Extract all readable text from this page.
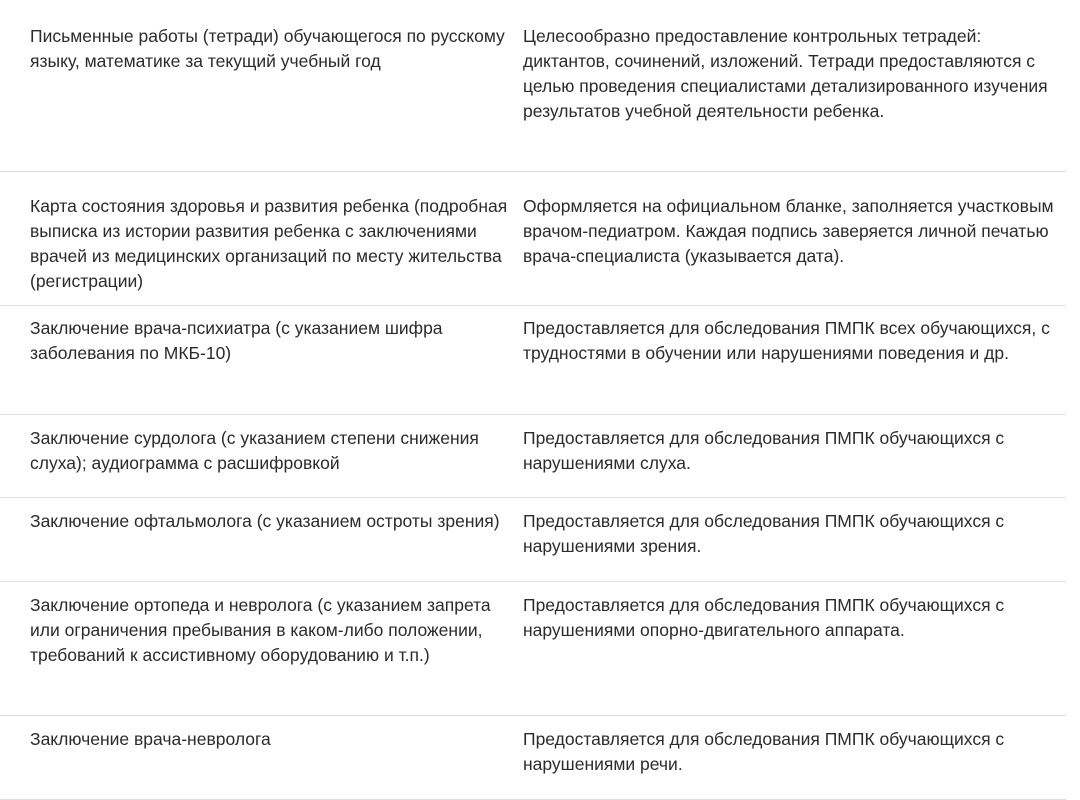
Письменные работы (тетради) обучающегося по русскому языку, математике за текущий учебный год
Целесообразно предоставление контрольных тетрадей: диктантов, сочинений, изложений. Тетради предоставляются с целью проведения специалистами детализированного изучения результатов учебной деятельности ребенка.
Карта состояния здоровья и развития ребенка (подробная выписка из истории развития ребенка с заключениями врачей из медицинских организаций по месту жительства (регистрации)
Оформляется на официальном бланке, заполняется участковым врачом-педиатром. Каждая подпись заверяется личной печатью врача-специалиста (указывается дата).
Заключение врача-психиатра (с указанием шифра заболевания по МКБ-10)
Предоставляется для обследования ПМПК всех обучающихся, с трудностями в обучении или нарушениями поведения и др.
Заключение сурдолога (с указанием степени снижения слуха); аудиограмма с расшифровкой
Предоставляется для обследования ПМПК обучающихся с нарушениями слуха.
Заключение офтальмолога (с указанием остроты зрения)	Предоставляется для обследования ПМПК обучающихся с нарушениями зрения.
Заключение ортопеда и невролога (с указанием запрета или ограничения пребывания в каком-либо положении, требований к ассистивному оборудованию и т.п.)
Предоставляется для обследования ПМПК обучающихся с нарушениями опорно-двигательного аппарата.
Заключение врача-невролога	Предоставляется для обследования ПМПК обучающихся с нарушениями речи.
